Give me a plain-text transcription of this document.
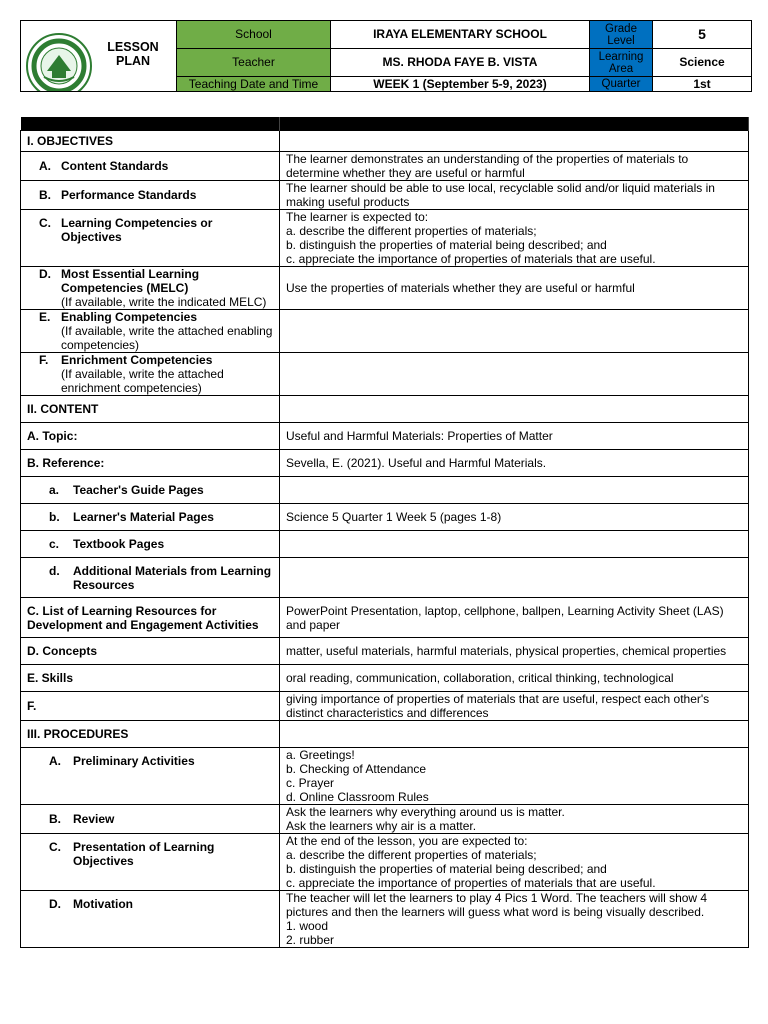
LESSON PLAN	School	IRAYA ELEMENTARY SCHOOL	Grade Level	5
	Teacher	MS. RHODA FAYE B. VISTA	Learning Area	Science
	Teaching Date and Time	WEEK 1 (September 5-9, 2023)	Quarter	1st

I. OBJECTIVES	

A. Content Standards	The learner demonstrates an understanding of the properties of materials to determine whether they are useful or harmful

B. Performance Standards	The learner should be able to use local, recyclable solid and/or liquid materials in making useful products

C. Learning Competencies or Objectives	The learner is expected to:
a. describe the different properties of materials;
b. distinguish the properties of material being described; and
c. appreciate the importance of properties of materials that are useful.

D. Most Essential Learning Competencies (MELC)
(If available, write the indicated MELC)	Use the properties of materials whether they are useful or harmful

E. Enabling Competencies
(If available, write the attached enabling competencies)	

F. Enrichment Competencies
(If available, write the attached enrichment competencies)	

II. CONTENT	
A. Topic:	Useful and Harmful Materials: Properties of Matter
B. Reference:	Sevella, E. (2021). Useful and Harmful Materials.

a. Teacher's Guide Pages	

b. Learner's Material Pages	Science 5 Quarter 1 Week 5 (pages 1-8)

c. Textbook Pages	

d. Additional Materials from Learning Resources	

C. List of Learning Resources for Development and Engagement Activities	PowerPoint Presentation, laptop, cellphone, ballpen, Learning Activity Sheet (LAS) and paper
D. Concepts	matter, useful materials, harmful materials, physical properties, chemical properties
E. Skills	oral reading, communication, collaboration, critical thinking, technological
F.	giving importance of properties of materials that are useful, respect each other's distinct characteristics and differences
III. PROCEDURES	

A. Preliminary Activities	a. Greetings!
b. Checking of Attendance
c. Prayer
d. Online Classroom Rules

B. Review	Ask the learners why everything around us is matter.
Ask the learners why air is a matter.

C. Presentation of Learning Objectives	At the end of the lesson, you are expected to:
a. describe the different properties of materials;
b. distinguish the properties of material being described; and
c. appreciate the importance of properties of materials that are useful.

D. Motivation	The teacher will let the learners to play 4 Pics 1 Word. The teachers will show 4 pictures and then the learners will guess what word is being visually described.
1. wood
2. rubber
